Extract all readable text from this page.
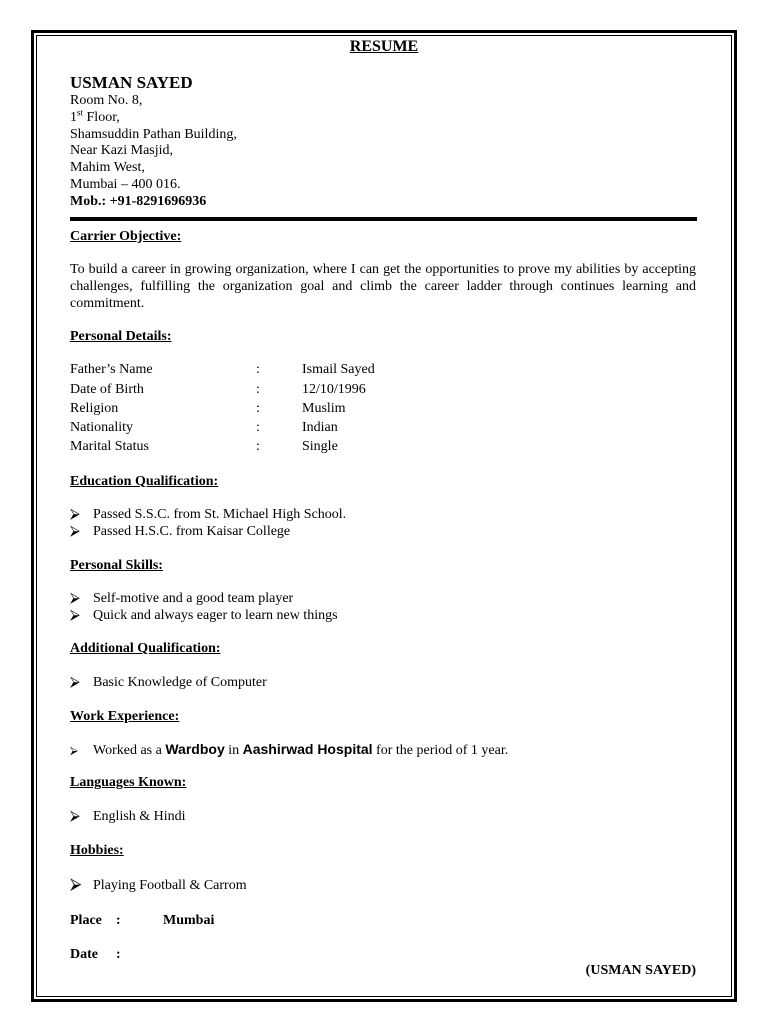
RESUME
USMAN SAYED
Room No. 8,
1st Floor,
Shamsuddin Pathan Building,
Near Kazi Masjid,
Mahim West,
Mumbai – 400 016.
Mob.: +91-8291696936
Carrier Objective:
To build a career in growing organization, where I can get the opportunities to prove my abilities by accepting challenges, fulfilling the organization goal and climb the career ladder through continues learning and commitment.
Personal Details:
Father’s Name	:	Ismail Sayed
Date of Birth	:	12/10/1996
Religion	:	Muslim
Nationality	:	Indian
Marital Status	:	Single
Education Qualification:
⮚ Passed S.S.C. from St. Michael High School.
⮚ Passed H.S.C. from Kaisar College
Personal Skills:
⮚ Self-motive and a good team player
⮚ Quick and always eager to learn new things
Additional Qualification:
⮚ Basic Knowledge of Computer
Work Experience:
⮚ Worked as a Wardboy in Aashirwad Hospital for the period of 1 year.
Languages Known:
⮚ English & Hindi
Hobbies:
⮚ Playing Football & Carrom
Place :	Mumbai
Date :
(USMAN SAYED)
